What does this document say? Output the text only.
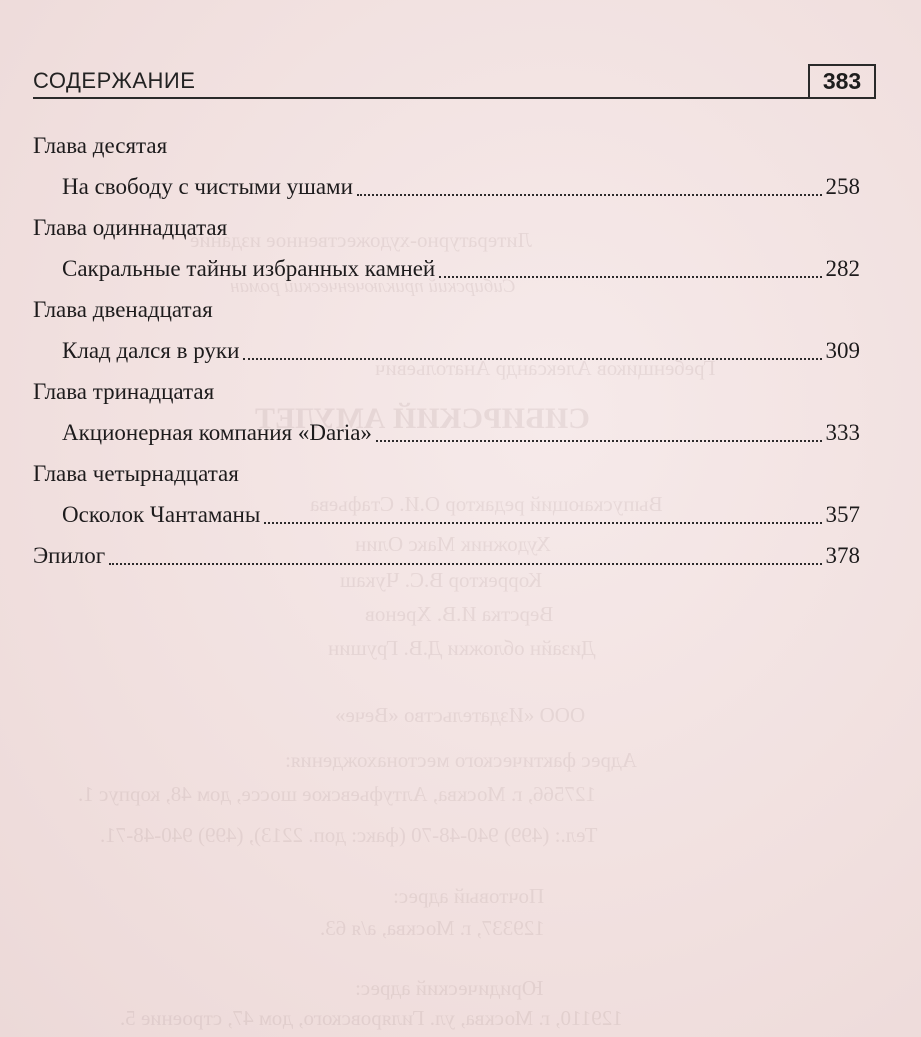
Литературно-художественное издание
Сибирский приключенческий роман
Гребенщиков Александр Анатольевич
СИБИРСКИЙ АМУЛЕТ
Выпускающий редактор О.И. Стафьева
Художник Макс Олин
Корректор В.С. Чукаш
Верстка И.В. Хренов
Дизайн обложки Д.В. Грушин
ООО «Издательство «Вече»
Адрес фактического местонахождения:
127566, г. Москва, Алтуфьевское шоссе, дом 48, корпус 1.
Тел.: (499) 940-48-70 (факс: доп. 2213), (499) 940-48-71.
Почтовый адрес:
129337, г. Москва, а/я 63.
Юридический адрес:
129110, г. Москва, ул. Гиляровского, дом 47, строение 5.
СОДЕРЖАНИЕ	383
Глава десятая
На свободу с чистыми ушами	258
Глава одиннадцатая
Сакральные тайны избранных камней	282
Глава двенадцатая
Клад дался в руки	309
Глава тринадцатая
Акционерная компания «Daria»	333
Глава четырнадцатая
Осколок Чантаманы	357
Эпилог	378
